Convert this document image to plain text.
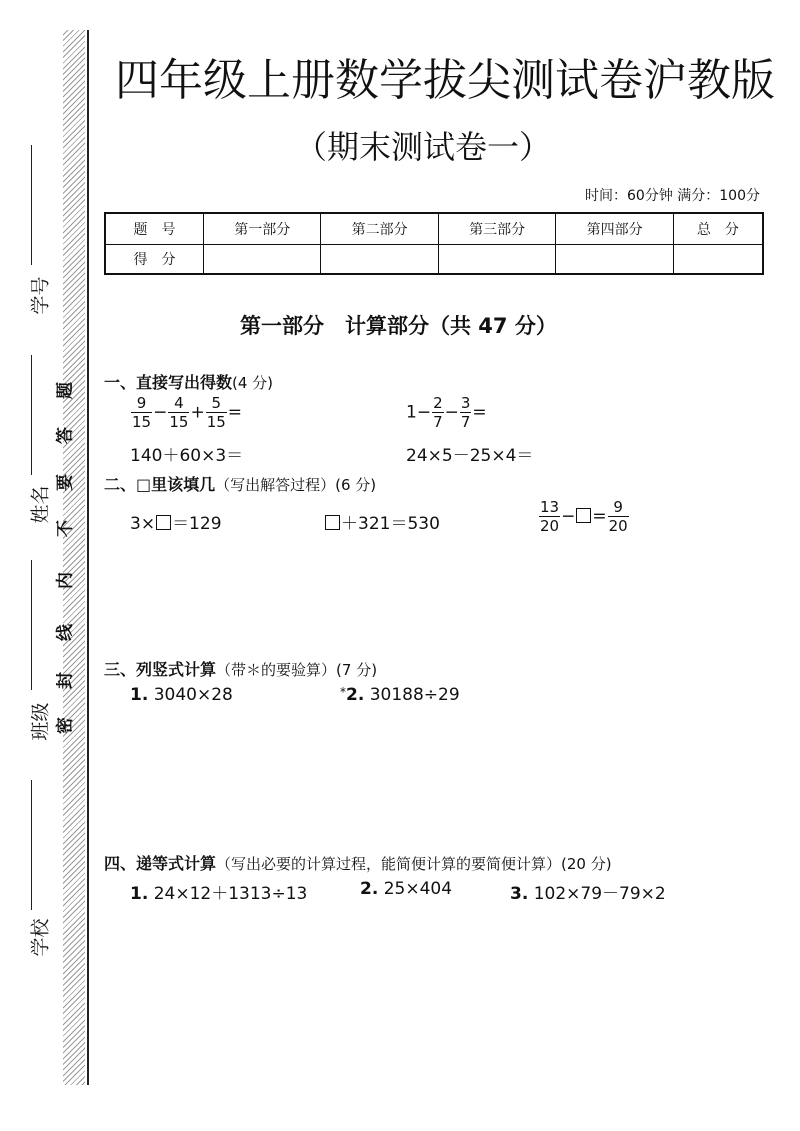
学号
姓名
班级
学校
题
答
要
不
内
线
封
密
四年级上册数学拔尖测试卷沪教版
（期末测试卷一）
时间：60分钟 满分：100分
题　号	第一部分	第二部分	第三部分	第四部分	总　分
得　分					
第一部分　计算部分（共 47 分）
一、直接写出得数(4 分)
$\frac{9}{15} - \frac{4}{15} + \frac{5}{15}$ =	$1- \frac{2}{7} - \frac{3}{7}$ =
140＋60×3＝	24×5－25×4＝
二、□里该填几（写出解答过程）(6 分)
3× ＝129	＋321＝530	$\frac{13}{20}$ − = $\frac{9}{20}$
三、列竖式计算（带＊的要验算）(7 分)
1. 3040×28	*2. 30188÷29
四、递等式计算（写出必要的计算过程，能简便计算的要简便计算）(20 分)
1. 24×12＋1313÷13	2. 25×404	3. 102×79－79×2
